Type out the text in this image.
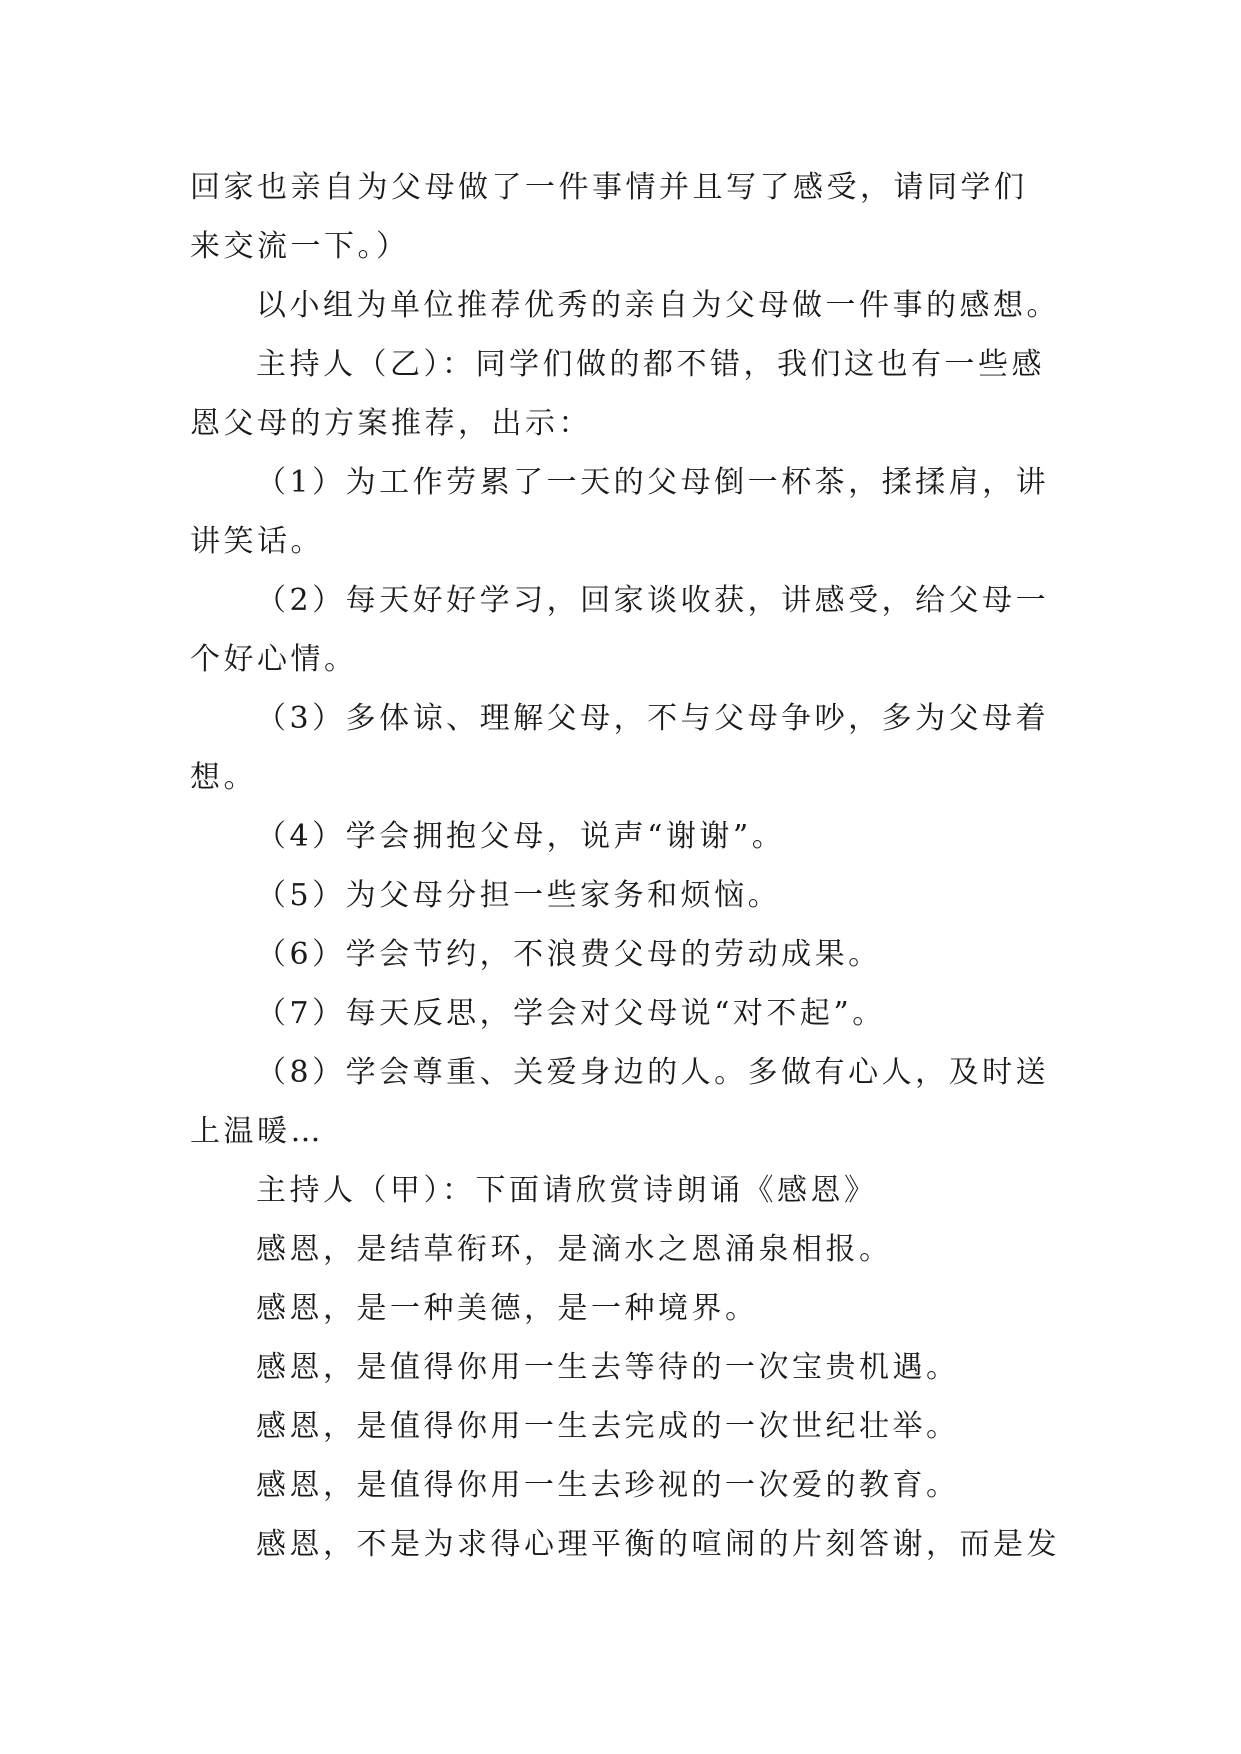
回家也亲自为父母做了一件事情并且写了感受，请同学们来交流一下。）

以小组为单位推荐优秀的亲自为父母做一件事的感想。

主持人（乙）：同学们做的都不错，我们这也有一些感恩父母的方案推荐，出示：

（1）为工作劳累了一天的父母倒一杯茶，揉揉肩，讲讲笑话。

（2）每天好好学习，回家谈收获，讲感受，给父母一个好心情。

（3）多体谅、理解父母，不与父母争吵，多为父母着想。

（4）学会拥抱父母，说声“谢谢”。

（5）为父母分担一些家务和烦恼。

（6）学会节约，不浪费父母的劳动成果。

（7）每天反思，学会对父母说“对不起”。

（8）学会尊重、关爱身边的人。多做有心人，及时送上温暖…

主持人（甲）：下面请欣赏诗朗诵《感恩》

感恩，是结草衔环，是滴水之恩涌泉相报。

感恩，是一种美德，是一种境界。

感恩，是值得你用一生去等待的一次宝贵机遇。

感恩，是值得你用一生去完成的一次世纪壮举。

感恩，是值得你用一生去珍视的一次爱的教育。

感恩，不是为求得心理平衡的喧闹的片刻答谢，而是发
